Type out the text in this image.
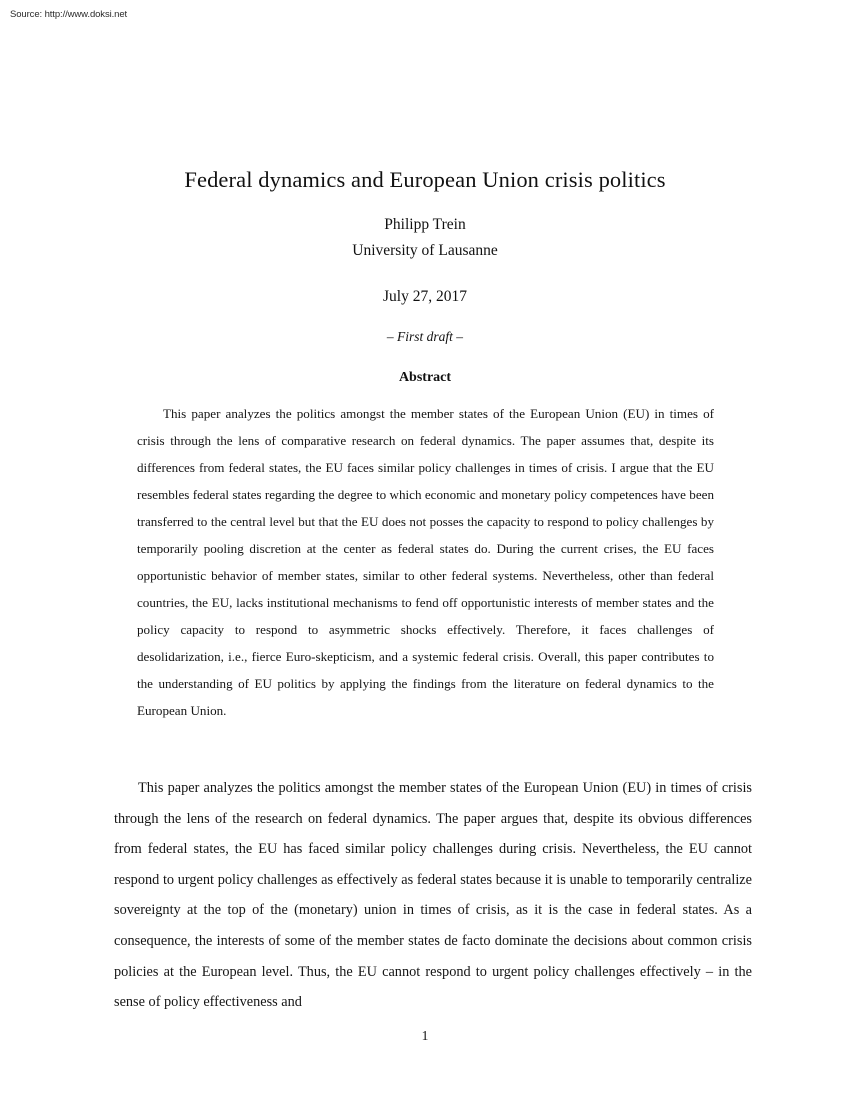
Source: http://www.doksi.net
Federal dynamics and European Union crisis politics
Philipp Trein
University of Lausanne
July 27, 2017
– First draft –
Abstract
This paper analyzes the politics amongst the member states of the European Union (EU) in times of crisis through the lens of comparative research on federal dynamics. The paper assumes that, despite its differences from federal states, the EU faces similar policy challenges in times of crisis. I argue that the EU resembles federal states regarding the degree to which economic and monetary policy competences have been transferred to the central level but that the EU does not posses the capacity to respond to policy challenges by temporarily pooling discretion at the center as federal states do. During the current crises, the EU faces opportunistic behavior of member states, similar to other federal systems. Nevertheless, other than federal countries, the EU, lacks institutional mechanisms to fend off opportunistic interests of member states and the policy capacity to respond to asymmetric shocks effectively. Therefore, it faces challenges of desolidarization, i.e., fierce Euro-skepticism, and a systemic federal crisis. Overall, this paper contributes to the understanding of EU politics by applying the findings from the literature on federal dynamics to the European Union.
This paper analyzes the politics amongst the member states of the European Union (EU) in times of crisis through the lens of the research on federal dynamics. The paper argues that, despite its obvious differences from federal states, the EU has faced similar policy challenges during crisis. Nevertheless, the EU cannot respond to urgent policy challenges as effectively as federal states because it is unable to temporarily centralize sovereignty at the top of the (monetary) union in times of crisis, as it is the case in federal states. As a consequence, the interests of some of the member states de facto dominate the decisions about common crisis policies at the European level. Thus, the EU cannot respond to urgent policy challenges effectively – in the sense of policy effectiveness and
1
